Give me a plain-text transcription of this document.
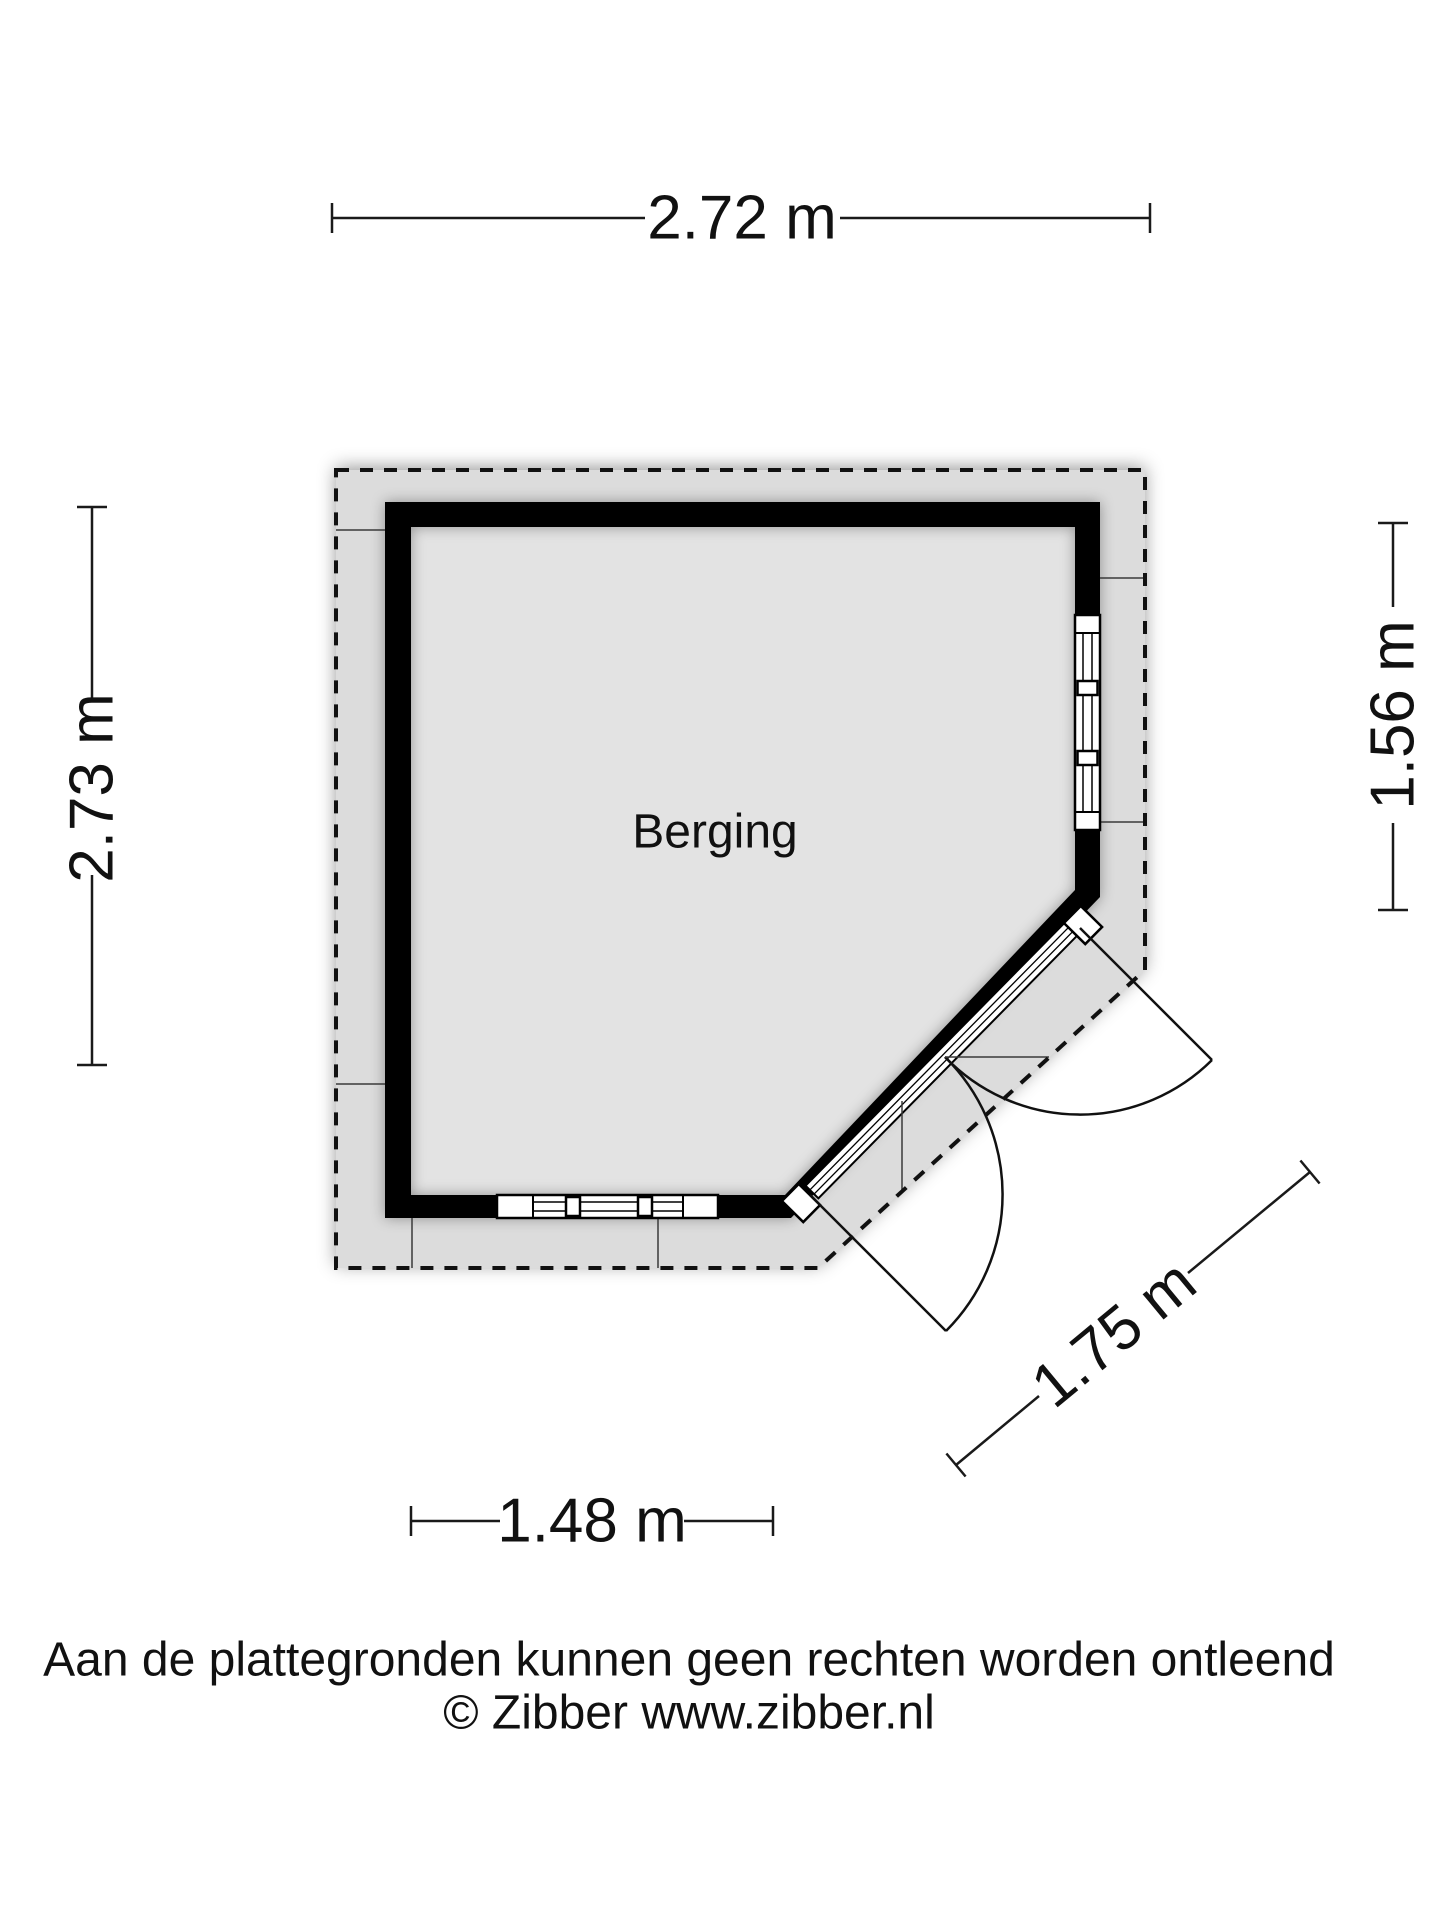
Berging
2.72 m
2.73 m	1.56 m
1.48 m
1.75 m
Aan de plattegronden kunnen geen rechten worden ontleend
© Zibber www.zibber.nl
